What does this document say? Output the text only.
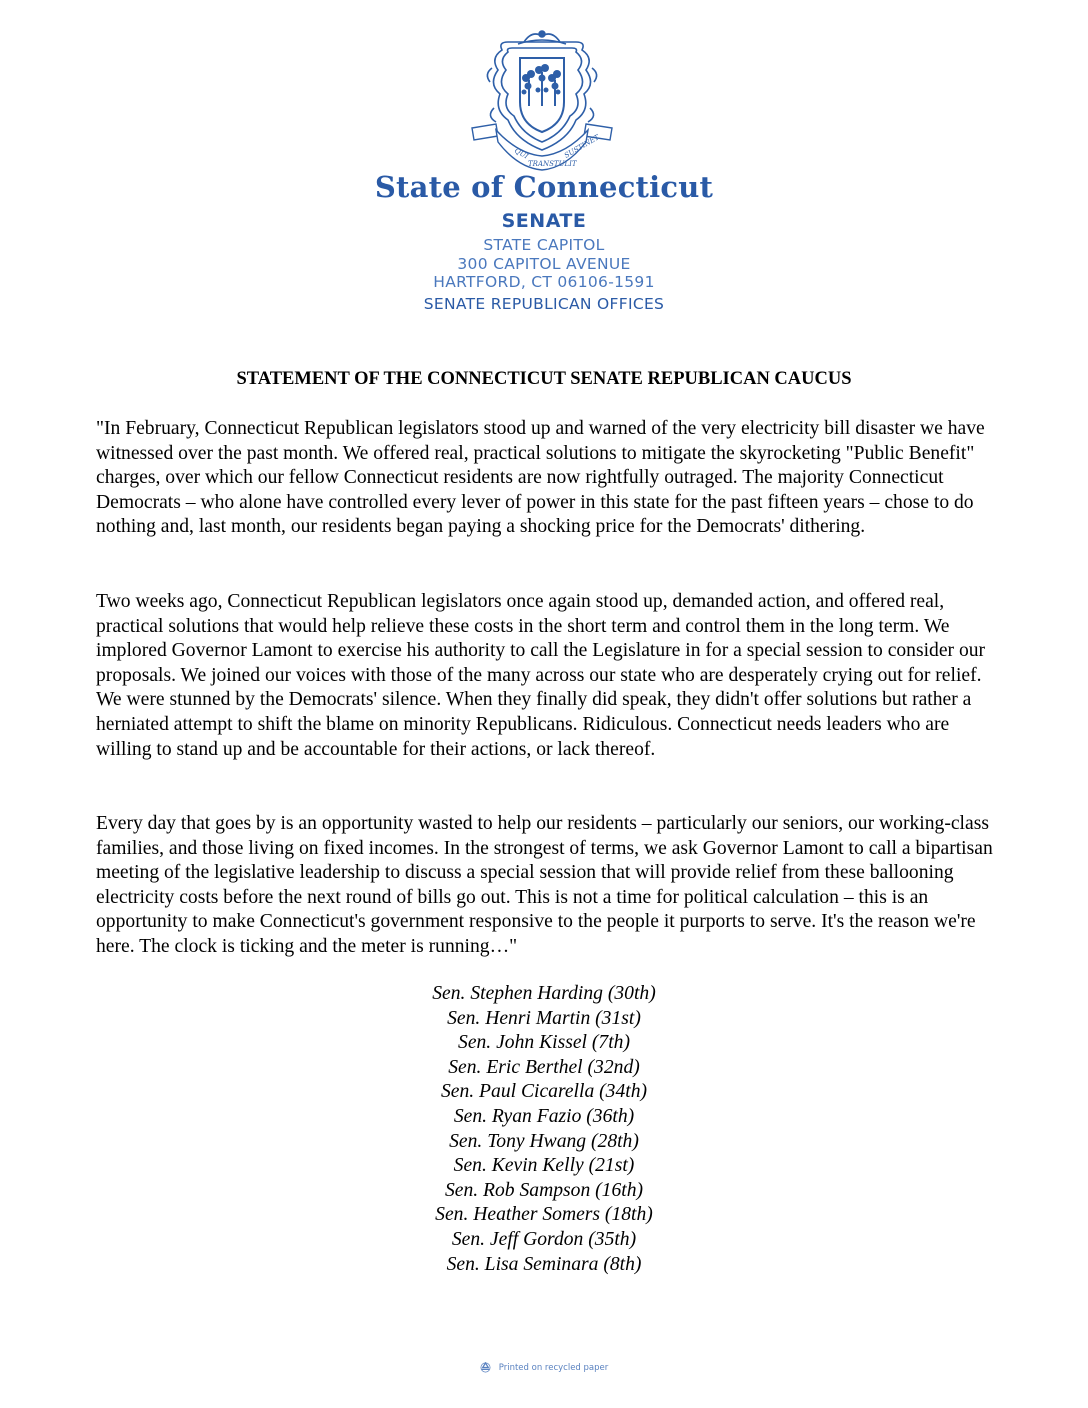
QUI
TRANSTULIT
SUSTINET
State of Connecticut
SENATE
STATE CAPITOL
300 CAPITOL AVENUE
HARTFORD, CT 06106-1591
SENATE REPUBLICAN OFFICES
STATEMENT OF THE CONNECTICUT SENATE REPUBLICAN CAUCUS

"In February, Connecticut Republican legislators stood up and warned of the very electricity bill disaster we have witnessed over the past month. We offered real, practical solutions to mitigate the skyrocketing "Public Benefit" charges, over which our fellow Connecticut residents are now rightfully outraged. The majority Connecticut Democrats – who alone have controlled every lever of power in this state for the past fifteen years – chose to do nothing and, last month, our residents began paying a shocking price for the Democrats' dithering.

Two weeks ago, Connecticut Republican legislators once again stood up, demanded action, and offered real, practical solutions that would help relieve these costs in the short term and control them in the long term. We implored Governor Lamont to exercise his authority to call the Legislature in for a special session to consider our proposals. We joined our voices with those of the many across our state who are desperately crying out for relief. We were stunned by the Democrats' silence. When they finally did speak, they didn't offer solutions but rather a herniated attempt to shift the blame on minority Republicans. Ridiculous. Connecticut needs leaders who are willing to stand up and be accountable for their actions, or lack thereof.

Every day that goes by is an opportunity wasted to help our residents – particularly our seniors, our working-class families, and those living on fixed incomes. In the strongest of terms, we ask Governor Lamont to call a bipartisan meeting of the legislative leadership to discuss a special session that will provide relief from these ballooning electricity costs before the next round of bills go out. This is not a time for political calculation – this is an opportunity to make Connecticut's government responsive to the people it purports to serve. It's the reason we're here. The clock is ticking and the meter is running…"

Sen. Stephen Harding (30th)
Sen. Henri Martin (31st)
Sen. John Kissel (7th)
Sen. Eric Berthel (32nd)
Sen. Paul Cicarella (34th)
Sen. Ryan Fazio (36th)
Sen. Tony Hwang (28th)
Sen. Kevin Kelly (21st)
Sen. Rob Sampson (16th)
Sen. Heather Somers (18th)
Sen. Jeff Gordon (35th)
Sen. Lisa Seminara (8th)
Printed on recycled paper
